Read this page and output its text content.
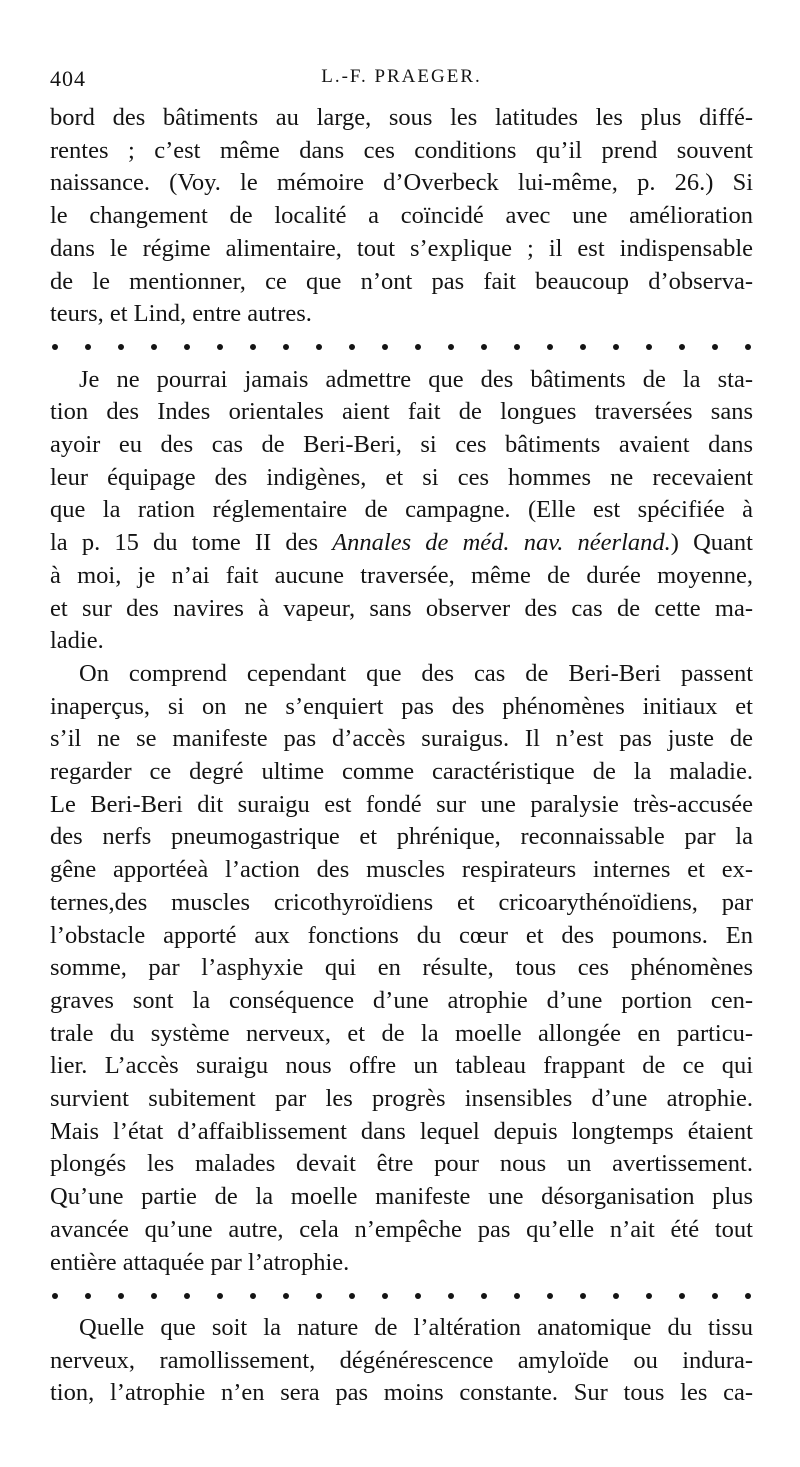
404	L.-F. PRAEGER.
bord des bâtiments au large, sous les latitudes les plus diffé-
rentes ; c’est même dans ces conditions qu’il prend souvent
naissance. (Voy. le mémoire d’Overbeck lui-même, p. 26.) Si
le changement de localité a coïncidé avec une amélioration
dans le régime alimentaire, tout s’explique ; il est indispensable
de le mentionner, ce que n’ont pas fait beaucoup d’observa-
teurs, et Lind, entre autres.
Je ne pourrai jamais admettre que des bâtiments de la sta-
tion des Indes orientales aient fait de longues traversées sans
ayoir eu des cas de Beri-Beri, si ces bâtiments avaient dans
leur équipage des indigènes, et si ces hommes ne recevaient
que la ration réglementaire de campagne. (Elle est spécifiée à
la p. 15 du tome II des Annales de méd. nav. néerland.) Quant
à moi, je n’ai fait aucune traversée, même de durée moyenne,
et sur des navires à vapeur, sans observer des cas de cette ma-
ladie.
On comprend cependant que des cas de Beri-Beri passent
inaperçus, si on ne s’enquiert pas des phénomènes initiaux et
s’il ne se manifeste pas d’accès suraigus. Il n’est pas juste de
regarder ce degré ultime comme caractéristique de la maladie.
Le Beri-Beri dit suraigu est fondé sur une paralysie très-accusée
des nerfs pneumogastrique et phrénique, reconnaissable par la
gêne apportéeà l’action des muscles respirateurs internes et ex-
ternes,des muscles cricothyroïdiens et cricoarythénoïdiens, par
l’obstacle apporté aux fonctions du cœur et des poumons. En
somme, par l’asphyxie qui en résulte, tous ces phénomènes
graves sont la conséquence d’une atrophie d’une portion cen-
trale du système nerveux, et de la moelle allongée en particu-
lier. L’accès suraigu nous offre un tableau frappant de ce qui
survient subitement par les progrès insensibles d’une atrophie.
Mais l’état d’affaiblissement dans lequel depuis longtemps étaient
plongés les malades devait être pour nous un avertissement.
Qu’une partie de la moelle manifeste une désorganisation plus
avancée qu’une autre, cela n’empêche pas qu’elle n’ait été tout
entière attaquée par l’atrophie.
Quelle que soit la nature de l’altération anatomique du tissu
nerveux, ramollissement, dégénérescence amyloïde ou indura-
tion, l’atrophie n’en sera pas moins constante. Sur tous les ca-
